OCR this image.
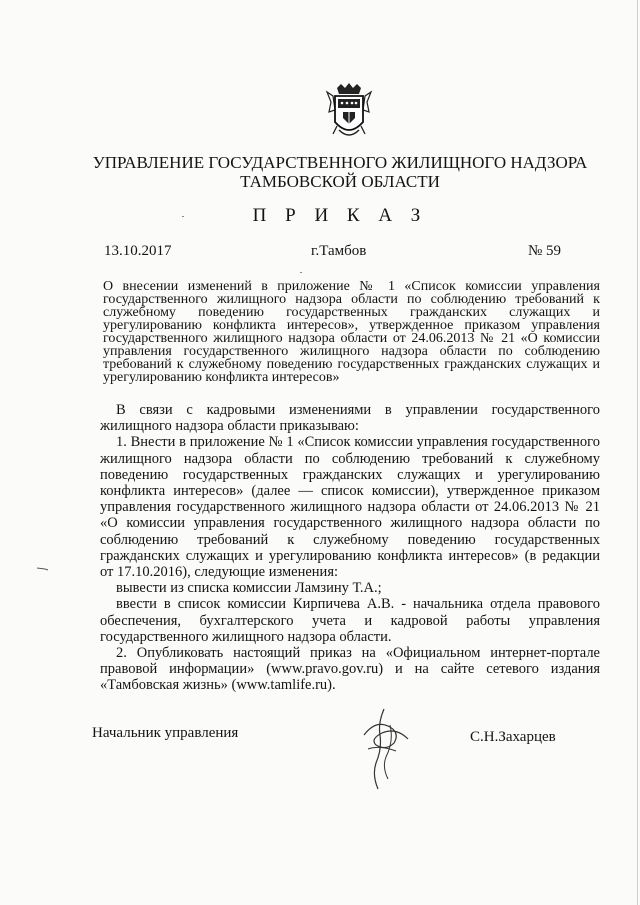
УПРАВЛЕНИЕ ГОСУДАРСТВЕННОГО ЖИЛИЩНОГО НАДЗОРА
ТАМБОВСКОЙ ОБЛАСТИ
П Р И К А З
13.10.2017	г.Тамбов	№ 59
О внесении изменений в приложение № 1 «Список комиссии управления государственного жилищного надзора области по соблюдению требований к служебному поведению государственных гражданских служащих и урегулированию конфликта интересов», утвержденное приказом управления государственного жилищного надзора области от 24.06.2013 № 21 «О комиссии управления государственного жилищного надзора области по соблюдению требований к служебному поведению государственных гражданских служащих и урегулированию конфликта интересов»

В связи с кадровыми изменениями в управлении государственного жилищного надзора области приказываю:

1. Внести в приложение № 1 «Список комиссии управления государственного жилищного надзора области по соблюдению требований к служебному поведению государственных гражданских служащих и урегулированию конфликта интересов» (далее — список комиссии), утвержденное приказом управления государственного жилищного надзора области от 24.06.2013 № 21 «О комиссии управления государственного жилищного надзора области по соблюдению требований к служебному поведению государственных гражданских служащих и урегулированию конфликта интересов» (в редакции от 17.10.2016), следующие изменения:

вывести из списка комиссии Ламзину Т.А.;

ввести в список комиссии Кирпичева А.В. - начальника отдела правового обеспечения, бухгалтерского учета и кадровой работы управления государственного жилищного надзора области.

2. Опубликовать настоящий приказ на «Официальном интернет-портале правовой информации» (www.pravo.gov.ru) и на сайте сетевого издания «Тамбовская жизнь» (www.tamlife.ru).

Начальник управления	С.Н.Захарцев
